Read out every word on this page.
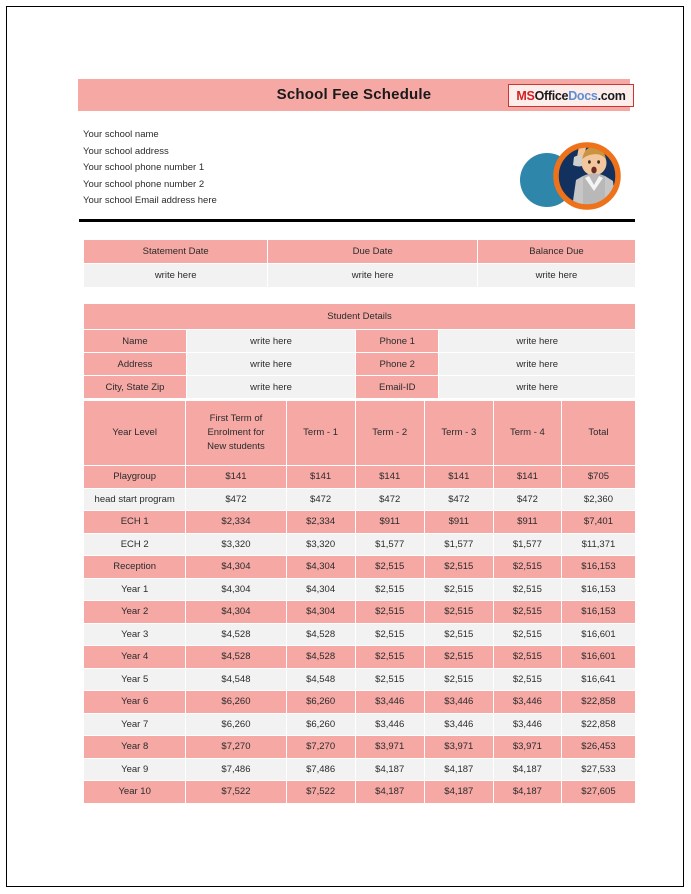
School Fee Schedule	MS Office Docs .com
Your school name
Your school address
Your school phone number 1
Your school phone number 2
Your school Email address here
Statement Date	Due Date	Balance Due
write here	write here	write here
Student Details			
Name	write here	Phone 1	write here
Address	write here	Phone 2	write here
City, State Zip	write here	Email-ID	write here
Year Level	First Term of
Enrolment for
New students	Term - 1	Term - 2	Term - 3	Term - 4	Total
Playgroup	$141	$141	$141	$141	$141	$705
head start program	$472	$472	$472	$472	$472	$2,360
ECH 1	$2,334	$2,334	$911	$911	$911	$7,401
ECH 2	$3,320	$3,320	$1,577	$1,577	$1,577	$11,371
Reception	$4,304	$4,304	$2,515	$2,515	$2,515	$16,153
Year 1	$4,304	$4,304	$2,515	$2,515	$2,515	$16,153
Year 2	$4,304	$4,304	$2,515	$2,515	$2,515	$16,153
Year 3	$4,528	$4,528	$2,515	$2,515	$2,515	$16,601
Year 4	$4,528	$4,528	$2,515	$2,515	$2,515	$16,601
Year 5	$4,548	$4,548	$2,515	$2,515	$2,515	$16,641
Year 6	$6,260	$6,260	$3,446	$3,446	$3,446	$22,858
Year 7	$6,260	$6,260	$3,446	$3,446	$3,446	$22,858
Year 8	$7,270	$7,270	$3,971	$3,971	$3,971	$26,453
Year 9	$7,486	$7,486	$4,187	$4,187	$4,187	$27,533
Year 10	$7,522	$7,522	$4,187	$4,187	$4,187	$27,605
